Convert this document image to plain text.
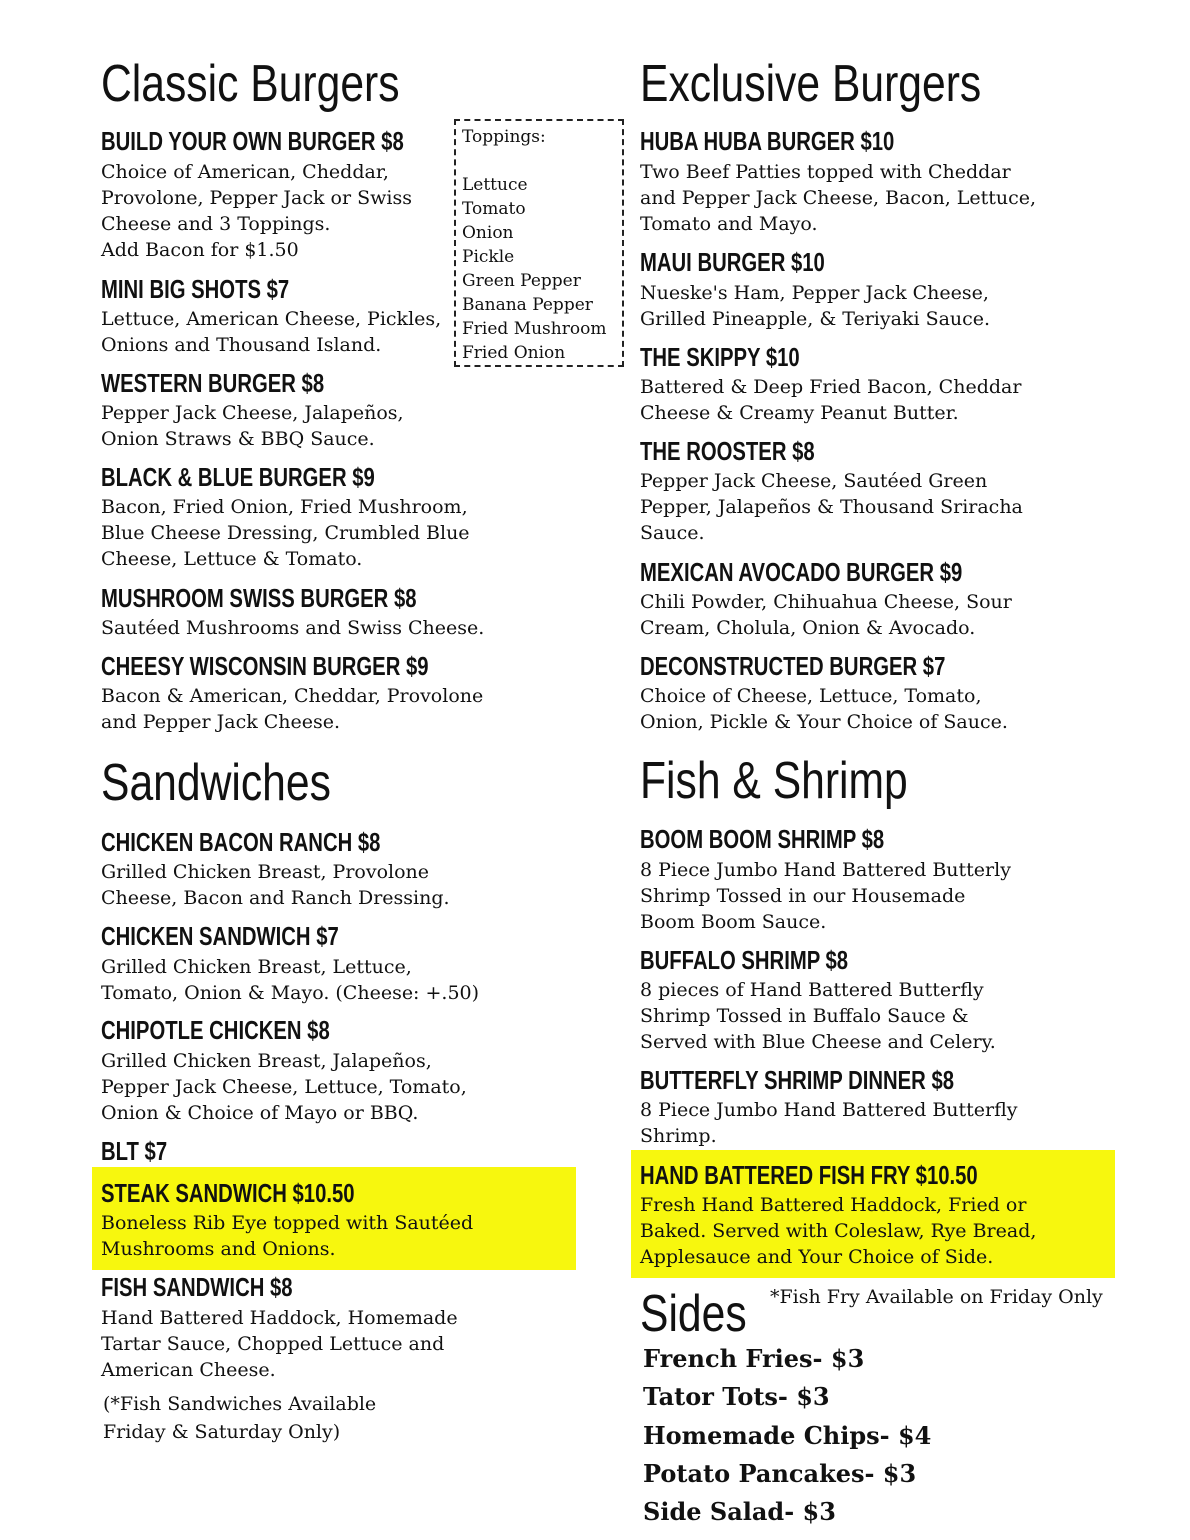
Classic Burgers
BUILD YOUR OWN BURGER $8

Choice of American, Cheddar,
Provolone, Pepper Jack or Swiss
Cheese and 3 Toppings.
Add Bacon for $1.50

MINI BIG SHOTS $7

Lettuce, American Cheese, Pickles,
Onions and Thousand Island.

WESTERN BURGER $8

Pepper Jack Cheese, Jalapeños,
Onion Straws & BBQ Sauce.

BLACK & BLUE BURGER $9

Bacon, Fried Onion, Fried Mushroom,
Blue Cheese Dressing, Crumbled Blue
Cheese, Lettuce & Tomato.

MUSHROOM SWISS BURGER $8

Sautéed Mushrooms and Swiss Cheese.

CHEESY WISCONSIN BURGER $9

Bacon & American, Cheddar, Provolone
and Pepper Jack Cheese.

Toppings:
Lettuce
Tomato
Onion
Pickle
Green Pepper
Banana Pepper
Fried Mushroom
Fried Onion
Exclusive Burgers
HUBA HUBA BURGER $10

Two Beef Patties topped with Cheddar
and Pepper Jack Cheese, Bacon, Lettuce,
Tomato and Mayo.

MAUI BURGER $10

Nueske's Ham, Pepper Jack Cheese,
Grilled Pineapple, & Teriyaki Sauce.

THE SKIPPY $10

Battered & Deep Fried Bacon, Cheddar
Cheese & Creamy Peanut Butter.

THE ROOSTER $8

Pepper Jack Cheese, Sautéed Green
Pepper, Jalapeños & Thousand Sriracha
Sauce.

MEXICAN AVOCADO BURGER $9

Chili Powder, Chihuahua Cheese, Sour
Cream, Cholula, Onion & Avocado.

DECONSTRUCTED BURGER $7

Choice of Cheese, Lettuce, Tomato,
Onion, Pickle & Your Choice of Sauce.

Sandwiches
CHICKEN BACON RANCH $8

Grilled Chicken Breast, Provolone
Cheese, Bacon and Ranch Dressing.

CHICKEN SANDWICH $7

Grilled Chicken Breast, Lettuce,
Tomato, Onion & Mayo. (Cheese: +.50)

CHIPOTLE CHICKEN $8

Grilled Chicken Breast, Jalapeños,
Pepper Jack Cheese, Lettuce, Tomato,
Onion & Choice of Mayo or BBQ.

BLT $7
STEAK SANDWICH $10.50

Boneless Rib Eye topped with Sautéed
Mushrooms and Onions.

FISH SANDWICH $8

Hand Battered Haddock, Homemade
Tartar Sauce, Chopped Lettuce and
American Cheese.

(*Fish Sandwiches Available
Friday & Saturday Only)

Fish & Shrimp
BOOM BOOM SHRIMP $8

8 Piece Jumbo Hand Battered Butterly
Shrimp Tossed in our Housemade
Boom Boom Sauce.

BUFFALO SHRIMP $8

8 pieces of Hand Battered Butterfly
Shrimp Tossed in Buffalo Sauce &
Served with Blue Cheese and Celery.

BUTTERFLY SHRIMP DINNER $8

8 Piece Jumbo Hand Battered Butterfly
Shrimp.

HAND BATTERED FISH FRY $10.50

Fresh Hand Battered Haddock, Fried or
Baked. Served with Coleslaw, Rye Bread,
Applesauce and Your Choice of Side.

Sides *Fish Fry Available on Friday Only

French Fries- $3

Tator Tots- $3

Homemade Chips- $4

Potato Pancakes- $3

Side Salad- $3
